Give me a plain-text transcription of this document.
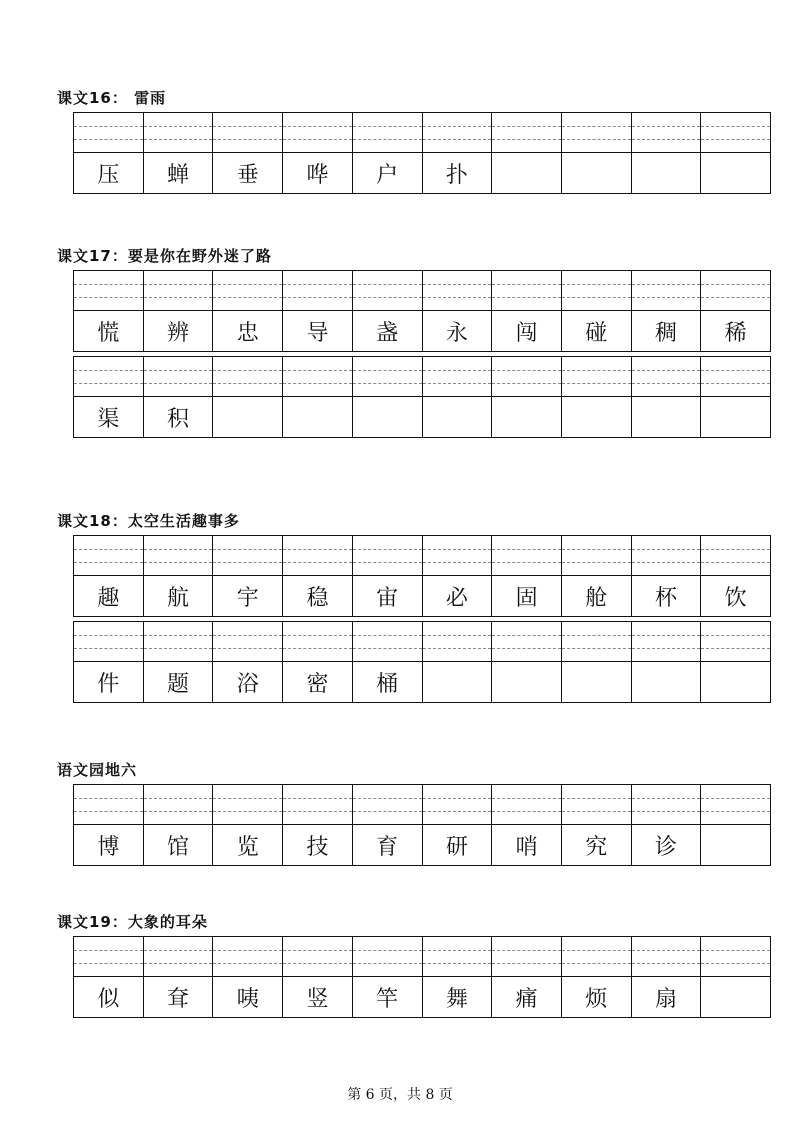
课文16： 雷雨
压	蝉	垂	哗	户	扑
课文17：要是你在野外迷了路
慌	辨	忠	导	盏	永	闯	碰	稠	稀
渠	积
课文18：太空生活趣事多
趣	航	宇	稳	宙	必	固	舱	杯	饮
件	题	浴	密	桶
语文园地六
博	馆	览	技	育	研	哨	究	诊
课文19：大象的耳朵
似	耷	咦	竖	竿	舞	痛	烦	扇
第 6 页，共 8 页
